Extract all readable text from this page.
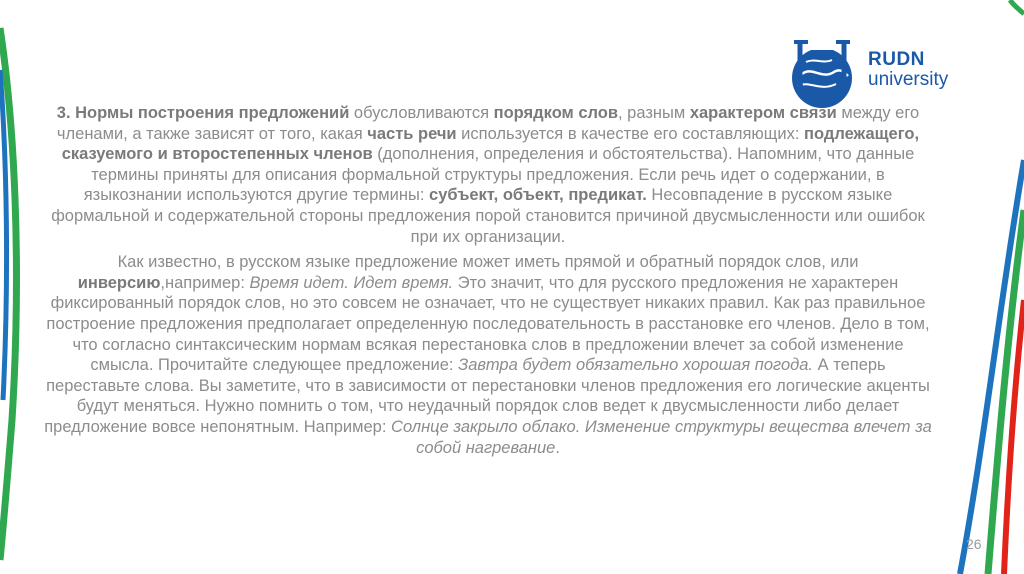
RUDN
university

3. Нормы построения предложений обусловливаются порядком слов, разным характером связи между его членами, а также зависят от того, какая часть речи используется в качестве его составляющих: подлежащего, сказуемого и второстепенных членов (дополнения, определения и обстоятельства). Напомним, что данные термины приняты для описания формальной структуры предложения. Если речь идет о содержании, в языкознании используются другие термины: субъект, объект, предикат. Несовпадение в русском языке формальной и содержательной стороны предложения порой становится причиной двусмысленности или ошибок при их организации.

Как известно, в русском языке предложение может иметь прямой и обратный порядок слов, или инверсию,например: Время идет. Идет время. Это значит, что для русского предложения не характерен фиксированный порядок слов, но это совсем не означает, что не существует никаких правил. Как раз правильное построение предложения предполагает определенную последовательность в расстановке его членов. Дело в том, что согласно синтаксическим нормам всякая перестановка слов в предложении влечет за собой изменение смысла. Прочитайте следующее предложение: Завтра будет обязательно хорошая погода. А теперь переставьте слова. Вы заметите, что в зависимости от перестановки членов предложения его логические акценты будут меняться. Нужно помнить о том, что неудачный порядок слов ведет к двусмысленности либо делает предложение вовсе непонятным. Например: Солнце закрыло облако. Изменение структуры вещества влечет за собой нагревание.

26
